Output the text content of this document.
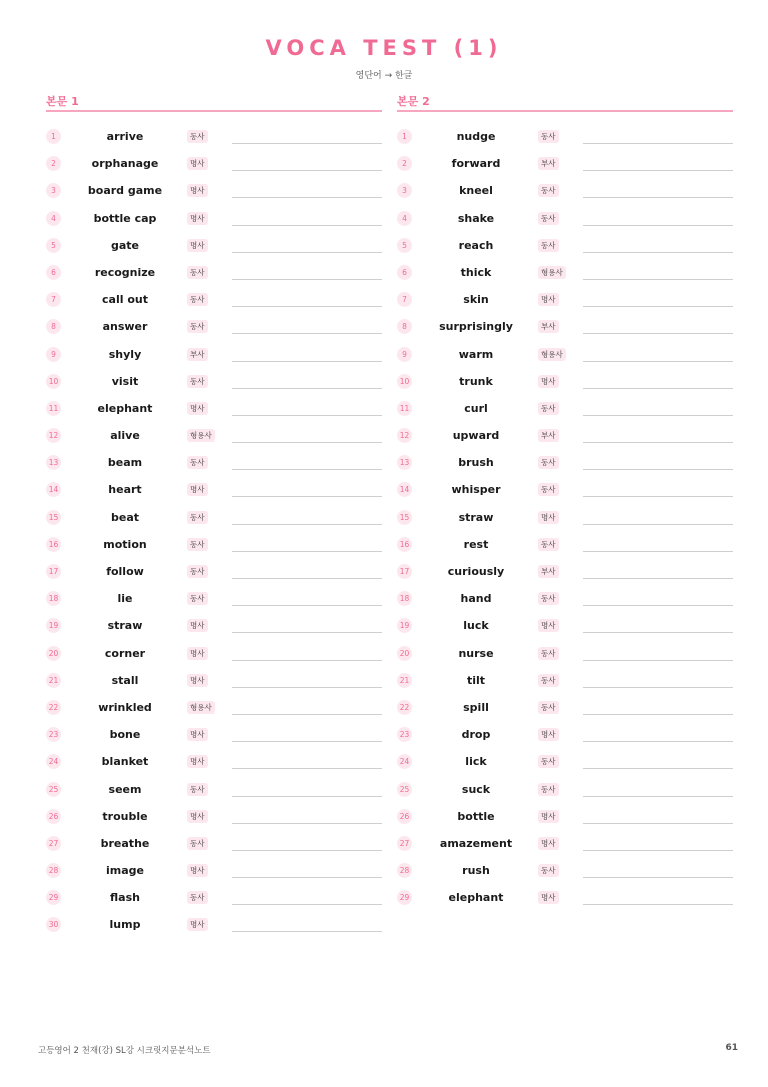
VOCA TEST (1)
영단어 → 한글
본문 1
1	arrive	동사
2	orphanage	명사
3	board game	명사
4	bottle cap	명사
5	gate	명사
6	recognize	동사
7	call out	동사
8	answer	동사
9	shyly	부사
10	visit	동사
11	elephant	명사
12	alive	형용사
13	beam	동사
14	heart	명사
15	beat	동사
16	motion	동사
17	follow	동사
18	lie	동사
19	straw	명사
20	corner	명사
21	stall	명사
22	wrinkled	형용사
23	bone	명사
24	blanket	명사
25	seem	동사
26	trouble	명사
27	breathe	동사
28	image	명사
29	flash	동사
30	lump	명사
본문 2
1	nudge	동사
2	forward	부사
3	kneel	동사
4	shake	동사
5	reach	동사
6	thick	형용사
7	skin	명사
8	surprisingly	부사
9	warm	형용사
10	trunk	명사
11	curl	동사
12	upward	부사
13	brush	동사
14	whisper	동사
15	straw	명사
16	rest	동사
17	curiously	부사
18	hand	동사
19	luck	명사
20	nurse	동사
21	tilt	동사
22	spill	동사
23	drop	명사
24	lick	동사
25	suck	동사
26	bottle	명사
27	amazement	명사
28	rush	동사
29	elephant	명사
고등영어 2 천재(강) SL강 시크릿지문분석노트	61
